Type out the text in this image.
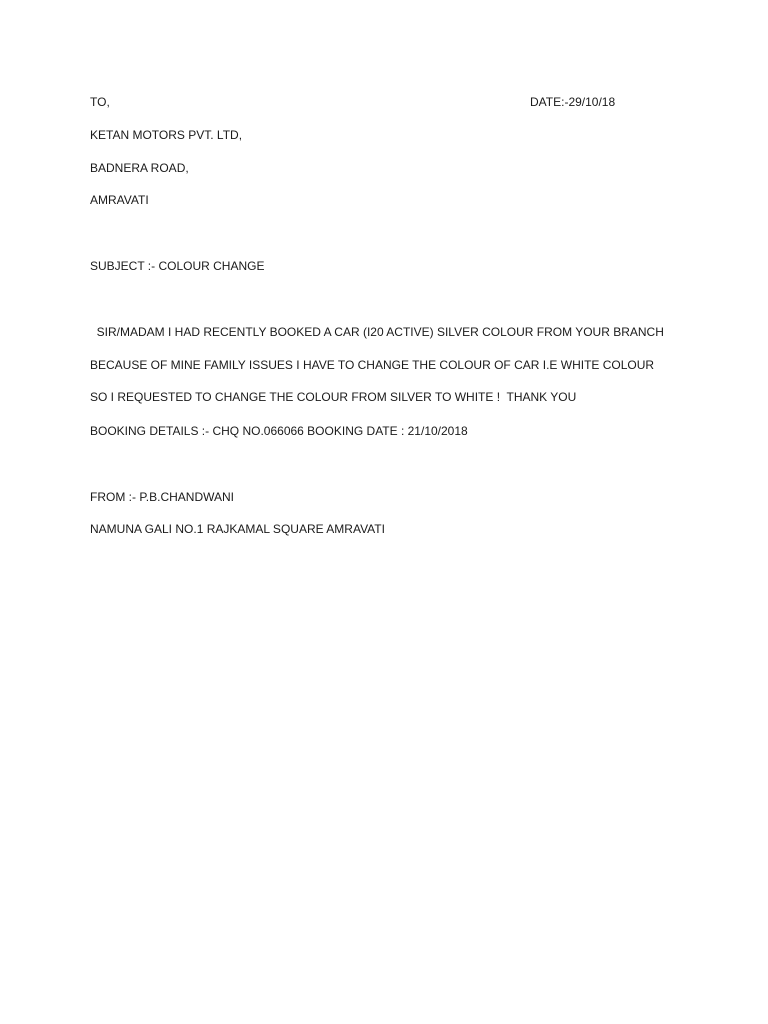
TO,	DATE:-29/10/18
KETAN MOTORS PVT. LTD,
BADNERA ROAD,
AMRAVATI
SUBJECT :- COLOUR CHANGE
SIR/MADAM I HAD RECENTLY BOOKED A CAR (I20 ACTIVE) SILVER COLOUR FROM YOUR BRANCH
BECAUSE OF MINE FAMILY ISSUES I HAVE TO CHANGE THE COLOUR OF CAR I.E WHITE COLOUR
SO I REQUESTED TO CHANGE THE COLOUR FROM SILVER TO WHITE !  THANK YOU
BOOKING DETAILS :- CHQ NO.066066 BOOKING DATE : 21/10/2018
FROM :- P.B.CHANDWANI
NAMUNA GALI NO.1 RAJKAMAL SQUARE AMRAVATI
